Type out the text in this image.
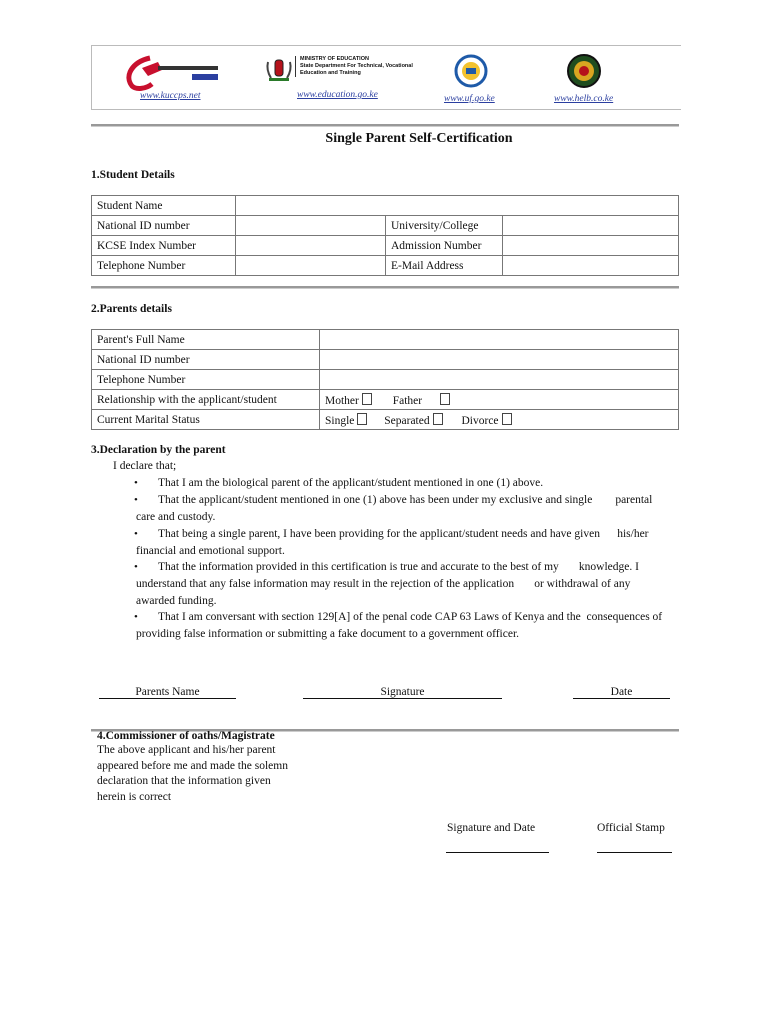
www.kuccps.net
MINISTRY OF EDUCATION
State Department For Technical, Vocational
Education and Training
www.education.go.ke	www.uf.go.ke	www.helb.co.ke
Single Parent Self-Certification
1.Student Details
Student Name			
National ID number		University/College	
KCSE Index Number		Admission Number	
Telephone Number		E-Mail Address	
2.Parents details
Parent's Full Name	
National ID number	
Telephone Number	
Relationship with the applicant/student	Mother Father
Current Marital Status	Single Separated Divorce
3.Declaration by the parent
I declare that;
• That I am the biological parent of the applicant/student mentioned in one (1) above.
• That the applicant/student mentioned in one (1) above has been under my exclusive and single        parental
care and custody.
• That being a single parent, I have been providing for the applicant/student needs and have given      his/her
financial and emotional support.
• That the information provided in this certification is true and accurate to the best of my       knowledge. I
understand that any false information may result in the rejection of the application       or withdrawal of any
awarded funding.
• That I am conversant with section 129[A] of the penal code CAP 63 Laws of Kenya and the  consequences of
providing false information or submitting a fake document to a government officer.
Parents Name	Signature	Date
4.Commissioner of oaths/Magistrate
The above applicant and his/her parent
appeared before me and made the solemn
declaration that the information given
herein is correct
Signature and Date	Official Stamp
